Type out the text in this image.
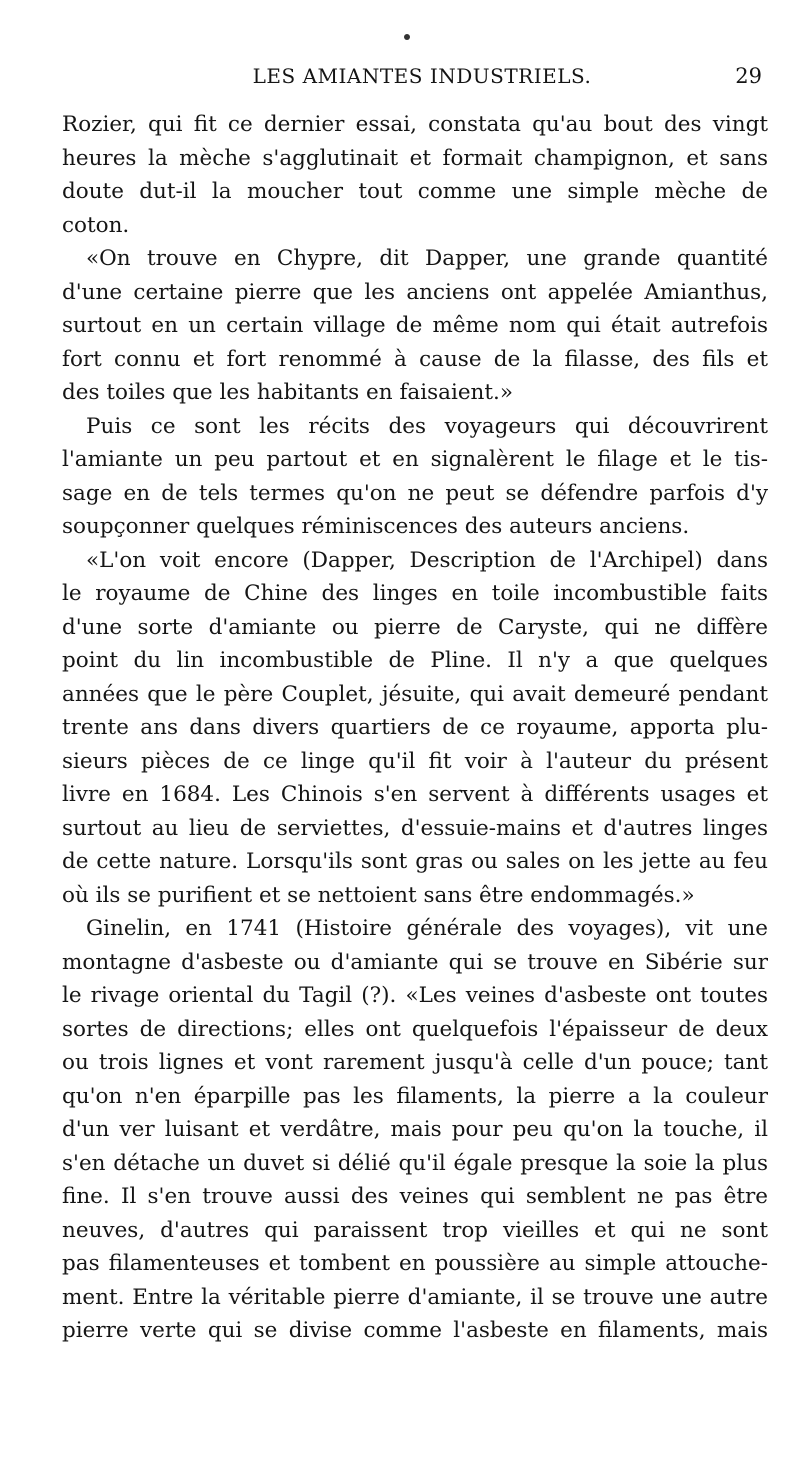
LES AMIANTES INDUSTRIELS.	29
Rozier, qui fit ce dernier essai, constata qu'au bout des vingt
heures la mèche s'agglutinait et formait champignon, et sans
doute dut-il la moucher tout comme une simple mèche de
coton.
«On trouve en Chypre, dit Dapper, une grande quantité
d'une certaine pierre que les anciens ont appelée Amianthus,
surtout en un certain village de même nom qui était autrefois
fort connu et fort renommé à cause de la filasse, des fils et
des toiles que les habitants en faisaient.»
Puis ce sont les récits des voyageurs qui découvrirent
l'amiante un peu partout et en signalèrent le filage et le tis-
sage en de tels termes qu'on ne peut se défendre parfois d'y
soupçonner quelques réminiscences des auteurs anciens.
«L'on voit encore (Dapper, Description de l'Archipel) dans
le royaume de Chine des linges en toile incombustible faits
d'une sorte d'amiante ou pierre de Caryste, qui ne diffère
point du lin incombustible de Pline. Il n'y a que quelques
années que le père Couplet, jésuite, qui avait demeuré pendant
trente ans dans divers quartiers de ce royaume, apporta plu-
sieurs pièces de ce linge qu'il fit voir à l'auteur du présent
livre en 1684. Les Chinois s'en servent à différents usages et
surtout au lieu de serviettes, d'essuie-mains et d'autres linges
de cette nature. Lorsqu'ils sont gras ou sales on les jette au feu
où ils se purifient et se nettoient sans être endommagés.»
Ginelin, en 1741 (Histoire générale des voyages), vit une
montagne d'asbeste ou d'amiante qui se trouve en Sibérie sur
le rivage oriental du Tagil (?). «Les veines d'asbeste ont toutes
sortes de directions; elles ont quelquefois l'épaisseur de deux
ou trois lignes et vont rarement jusqu'à celle d'un pouce; tant
qu'on n'en éparpille pas les filaments, la pierre a la couleur
d'un ver luisant et verdâtre, mais pour peu qu'on la touche, il
s'en détache un duvet si délié qu'il égale presque la soie la plus
fine. Il s'en trouve aussi des veines qui semblent ne pas être
neuves, d'autres qui paraissent trop vieilles et qui ne sont
pas filamenteuses et tombent en poussière au simple attouche-
ment. Entre la véritable pierre d'amiante, il se trouve une autre
pierre verte qui se divise comme l'asbeste en filaments, mais
